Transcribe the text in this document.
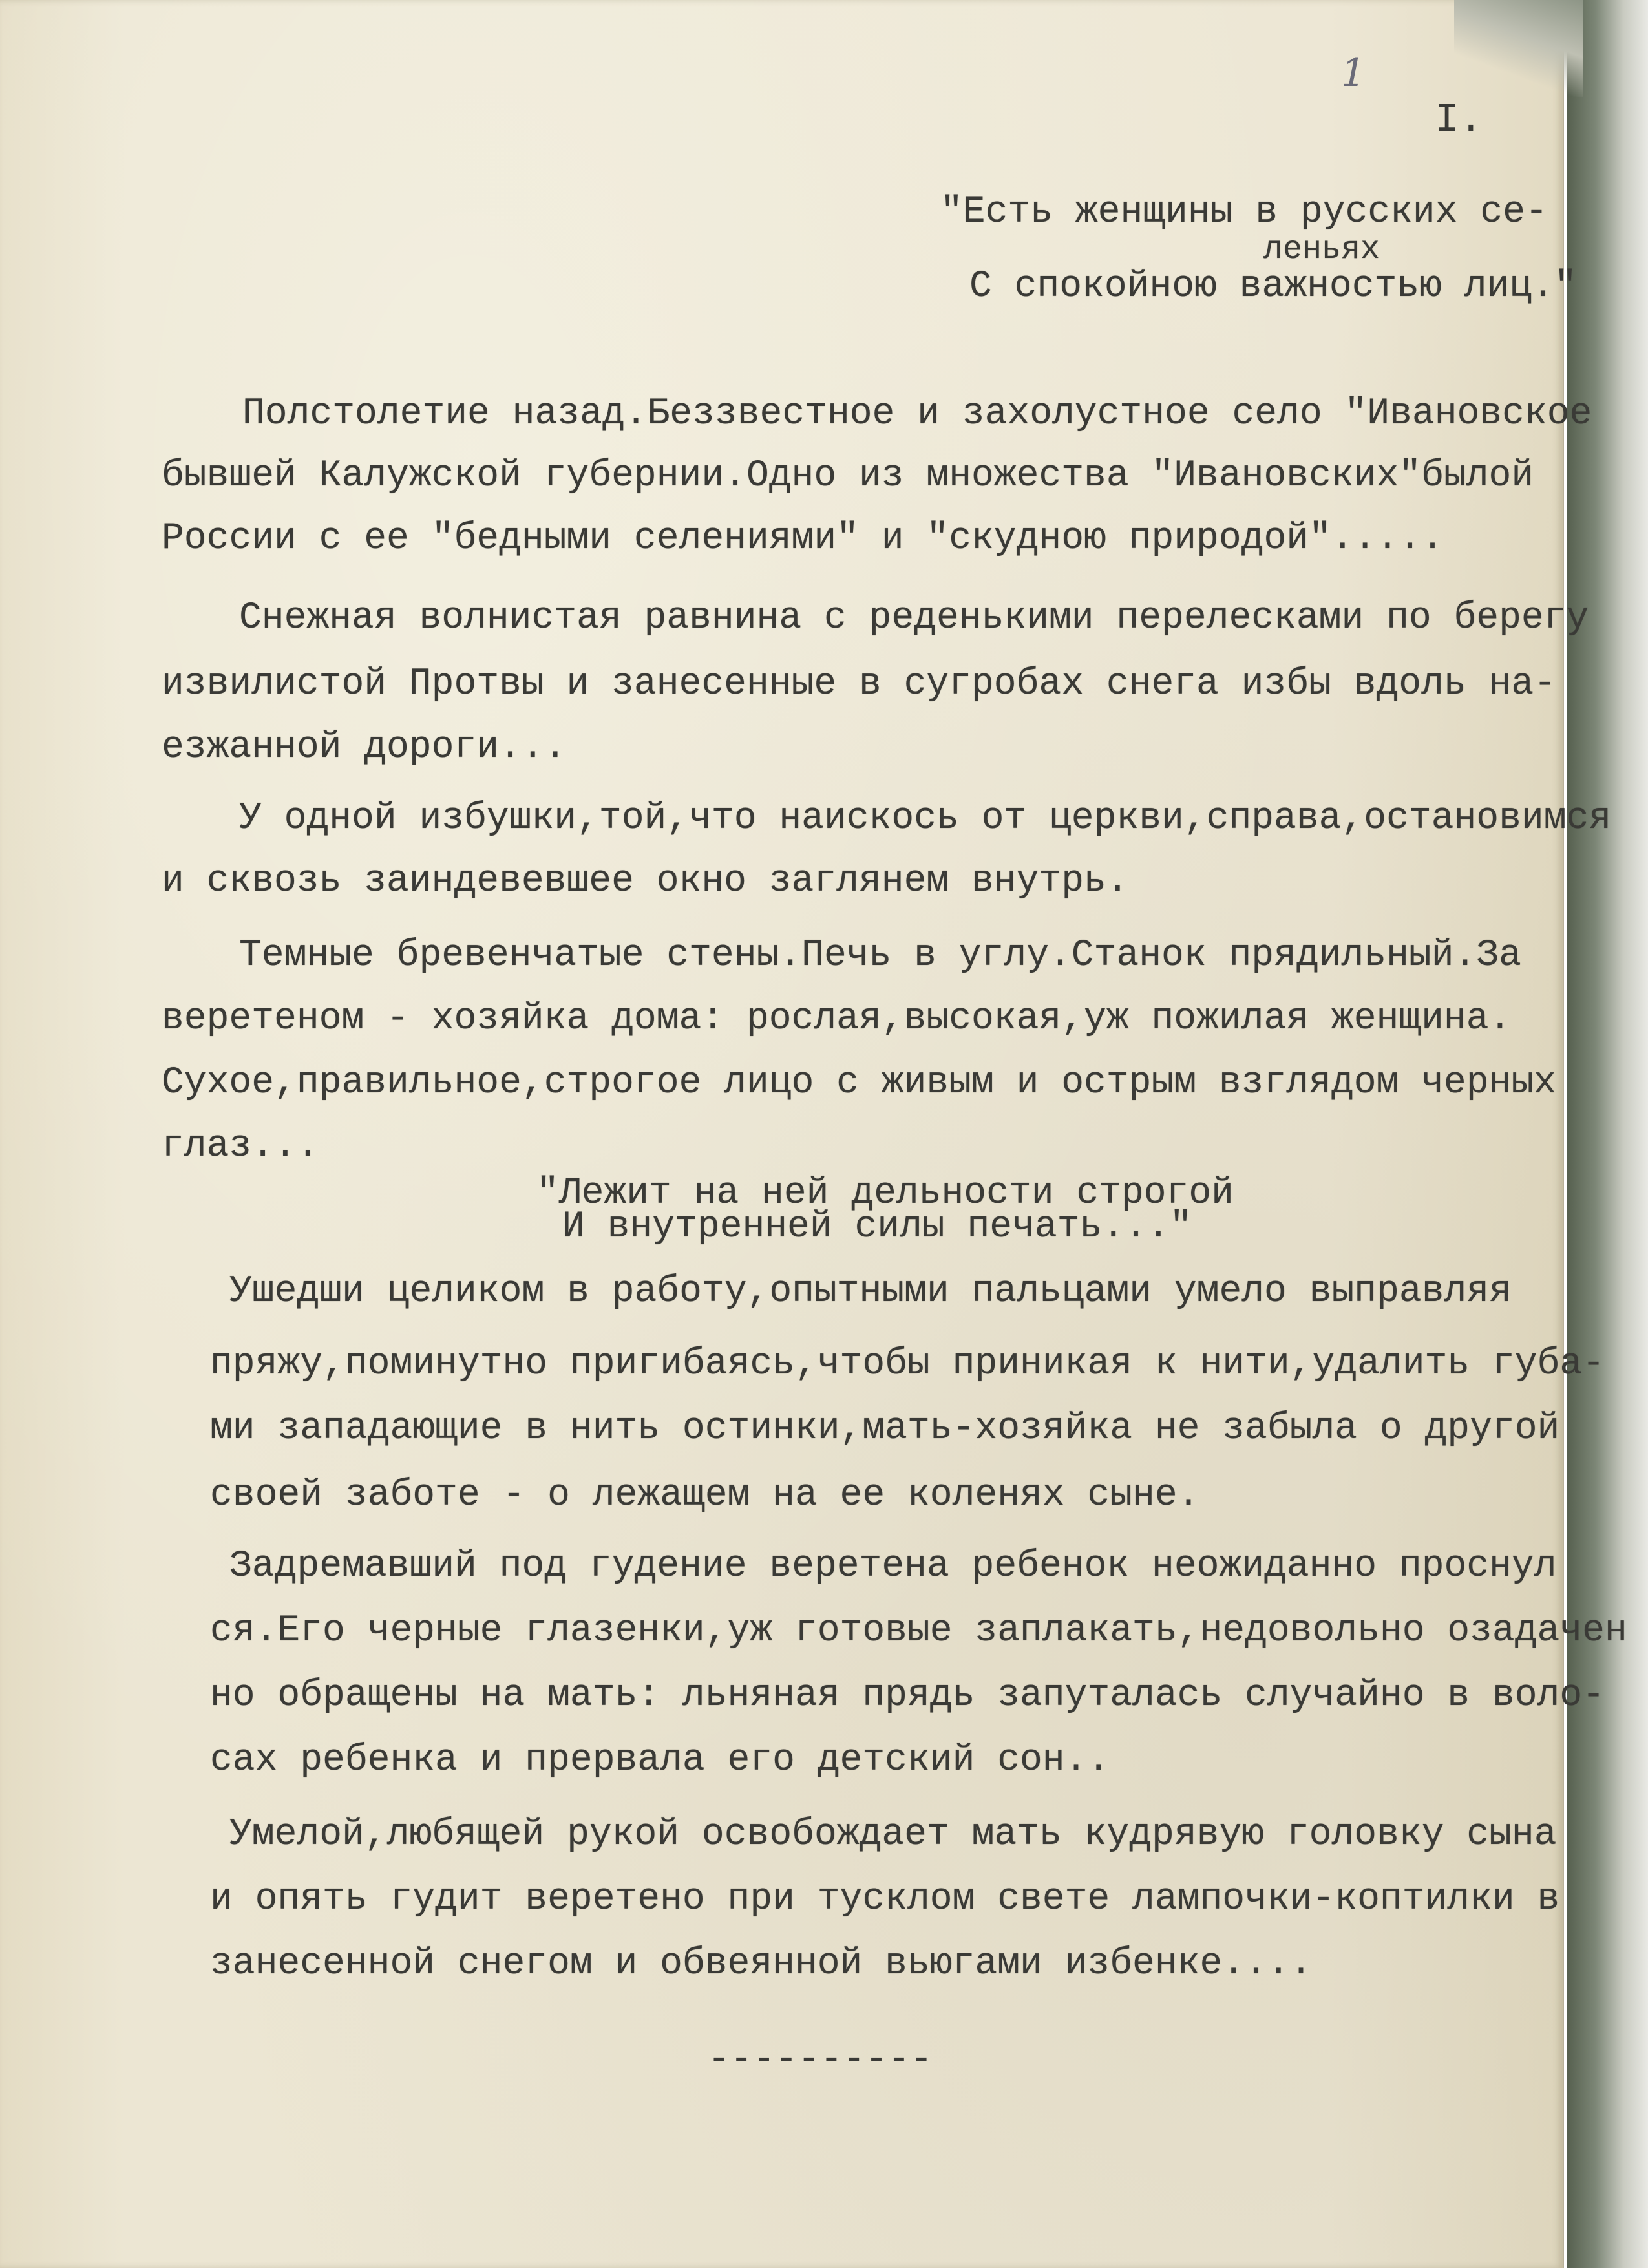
1
I.
"Есть женщины в русских се-
леньях
С спокойною важностью лиц."
Полстолетие назад.Беззвестное и захолустное село "Ивановское
бывшей Калужской губернии.Одно из множества "Ивановских"былой
России с ее "бедными селениями" и "скудною природой".....
Снежная волнистая равнина с реденькими перелесками по берегу
извилистой Протвы и занесенные в сугробах снега избы вдоль на-
езжанной дороги...
У одной избушки,той,что наискось от церкви,справа,остановимся
и сквозь заиндевевшее окно заглянем внутрь.
Темные бревенчатые стены.Печь в углу.Станок прядильный.За
веретеном - хозяйка дома: рослая,высокая,уж пожилая женщина.
Сухое,правильное,строгое лицо с живым и острым взглядом черных
глаз...
"Лежит на ней дельности строгой
И внутренней силы печать..."
Ушедши целиком в работу,опытными пальцами умело выправляя
пряжу,поминутно пригибаясь,чтобы приникая к нити,удалить губа-
ми западающие в нить остинки,мать-хозяйка не забыла о другой
своей заботе - о лежащем на ее коленях сыне.
Задремавший под гудение веретена ребенок неожиданно проснул
ся.Его черные глазенки,уж готовые заплакать,недовольно озадачен
но обращены на мать: льняная прядь запуталась случайно в воло-
сах ребенка и прервала его детский сон..
Умелой,любящей рукой освобождает мать кудрявую головку сына
и опять гудит веретено при тусклом свете лампочки-коптилки в
занесенной снегом и обвеянной вьюгами избенке....
----------
